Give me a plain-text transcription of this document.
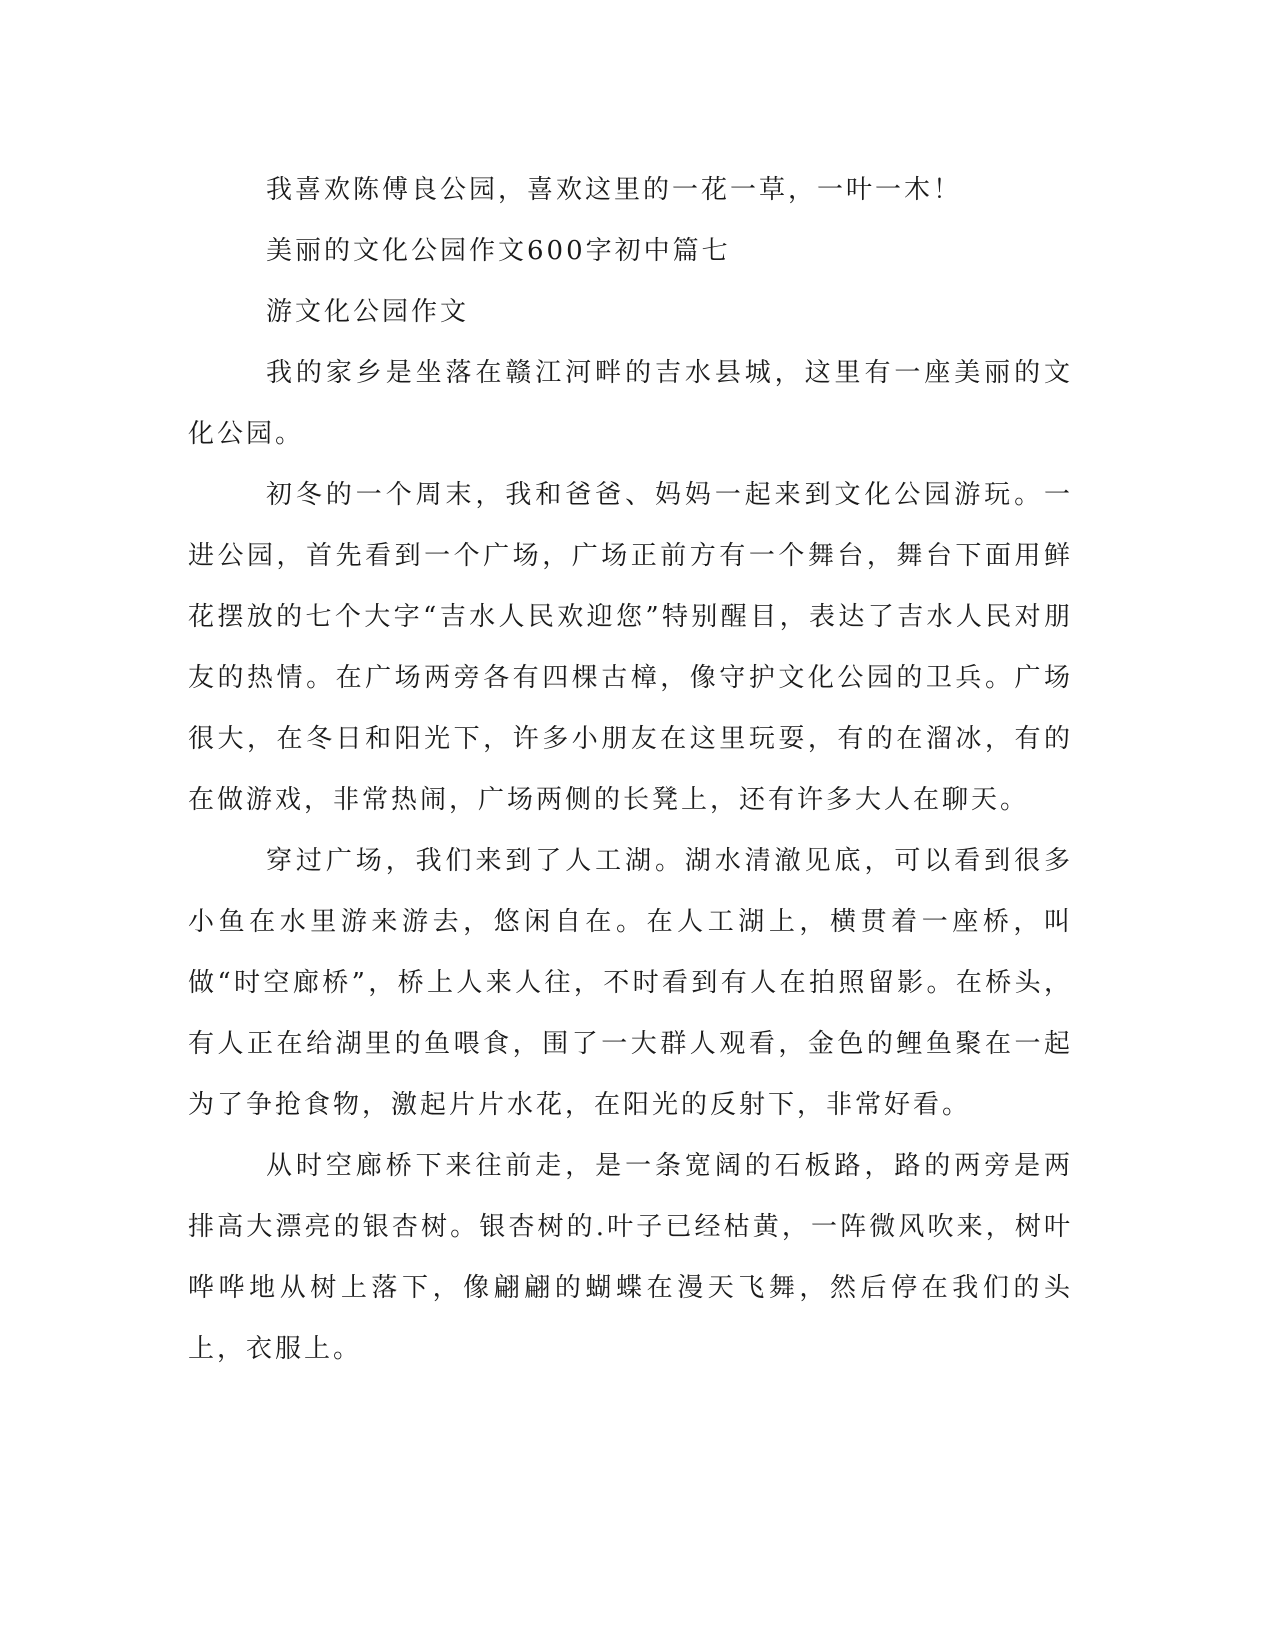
我喜欢陈傅良公园，喜欢这里的一花一草，一叶一木！

美丽的文化公园作文600字初中篇七

游文化公园作文

我的家乡是坐落在赣江河畔的吉水县城，这里有一座美丽的文化公园。

初冬的一个周末，我和爸爸、妈妈一起来到文化公园游玩。一进公园，首先看到一个广场，广场正前方有一个舞台，舞台下面用鲜花摆放的七个大字“吉水人民欢迎您”特别醒目，表达了吉水人民对朋友的热情。在广场两旁各有四棵古樟，像守护文化公园的卫兵。广场很大，在冬日和阳光下，许多小朋友在这里玩耍，有的在溜冰，有的在做游戏，非常热闹，广场两侧的长凳上，还有许多大人在聊天。

穿过广场，我们来到了人工湖。湖水清澈见底，可以看到很多小鱼在水里游来游去，悠闲自在。在人工湖上，横贯着一座桥，叫做“时空廊桥”，桥上人来人往，不时看到有人在拍照留影。在桥头，有人正在给湖里的鱼喂食，围了一大群人观看，金色的鲤鱼聚在一起为了争抢食物，激起片片水花，在阳光的反射下，非常好看。

从时空廊桥下来往前走，是一条宽阔的石板路，路的两旁是两排高大漂亮的银杏树。银杏树的.叶子已经枯黄，一阵微风吹来，树叶哗哗地从树上落下，像翩翩的蝴蝶在漫天飞舞，然后停在我们的头上，衣服上。
